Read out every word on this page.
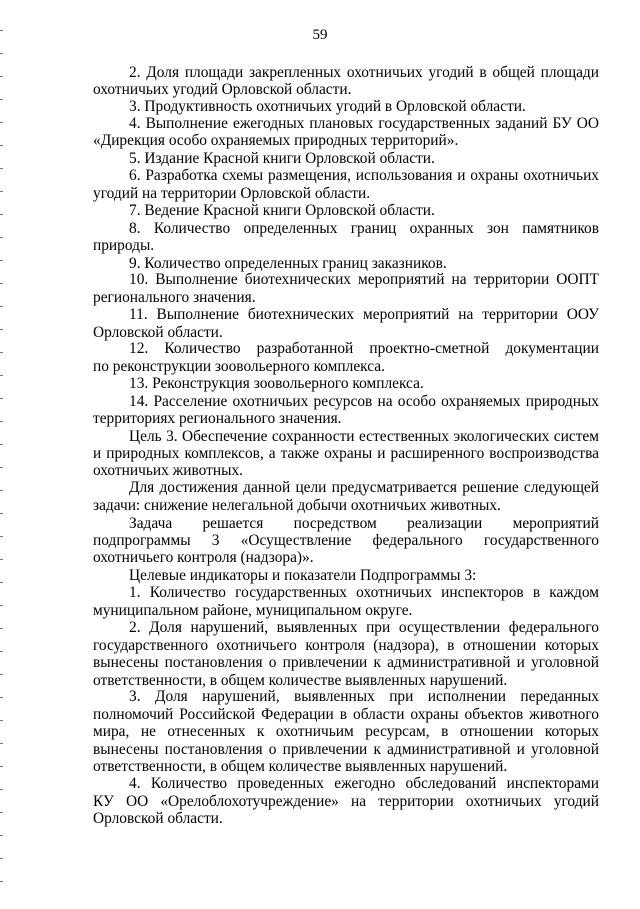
59
2. Доля площади закрепленных охотничьих угодий в общей площади
охотничьих угодий Орловской области.
3. Продуктивность охотничьих угодий в Орловской области.
4. Выполнение ежегодных плановых государственных заданий БУ ОО
«Дирекция особо охраняемых природных территорий».
5. Издание Красной книги Орловской области.
6. Разработка схемы размещения, использования и охраны охотничьих
угодий на территории Орловской области.
7. Ведение Красной книги Орловской области.
8. Количество определенных границ охранных зон памятников
природы.
9. Количество определенных границ заказников.
10. Выполнение биотехнических мероприятий на территории ООПТ
регионального значения.
11. Выполнение биотехнических мероприятий на территории ООУ
Орловской области.
12. Количество разработанной проектно-сметной документации
по реконструкции зоовольерного комплекса.
13. Реконструкция зоовольерного комплекса.
14. Расселение охотничьих ресурсов на особо охраняемых природных
территориях регионального значения.
Цель 3. Обеспечение сохранности естественных экологических систем
и природных комплексов, а также охраны и расширенного воспроизводства
охотничьих животных.
Для достижения данной цели предусматривается решение следующей
задачи: снижение нелегальной добычи охотничьих животных.
Задача решается посредством реализации мероприятий
подпрограммы 3 «Осуществление федерального государственного
охотничьего контроля (надзора)».
Целевые индикаторы и показатели Подпрограммы 3:
1. Количество государственных охотничьих инспекторов в каждом
муниципальном районе, муниципальном округе.
2. Доля нарушений, выявленных при осуществлении федерального
государственного охотничьего контроля (надзора), в отношении которых
вынесены постановления о привлечении к административной и уголовной
ответственности, в общем количестве выявленных нарушений.
3. Доля нарушений, выявленных при исполнении переданных
полномочий Российской Федерации в области охраны объектов животного
мира, не отнесенных к охотничьим ресурсам, в отношении которых
вынесены постановления о привлечении к административной и уголовной
ответственности, в общем количестве выявленных нарушений.
4. Количество проведенных ежегодно обследований инспекторами
КУ ОО «Орелоблохотучреждение» на территории охотничьих угодий
Орловской области.
